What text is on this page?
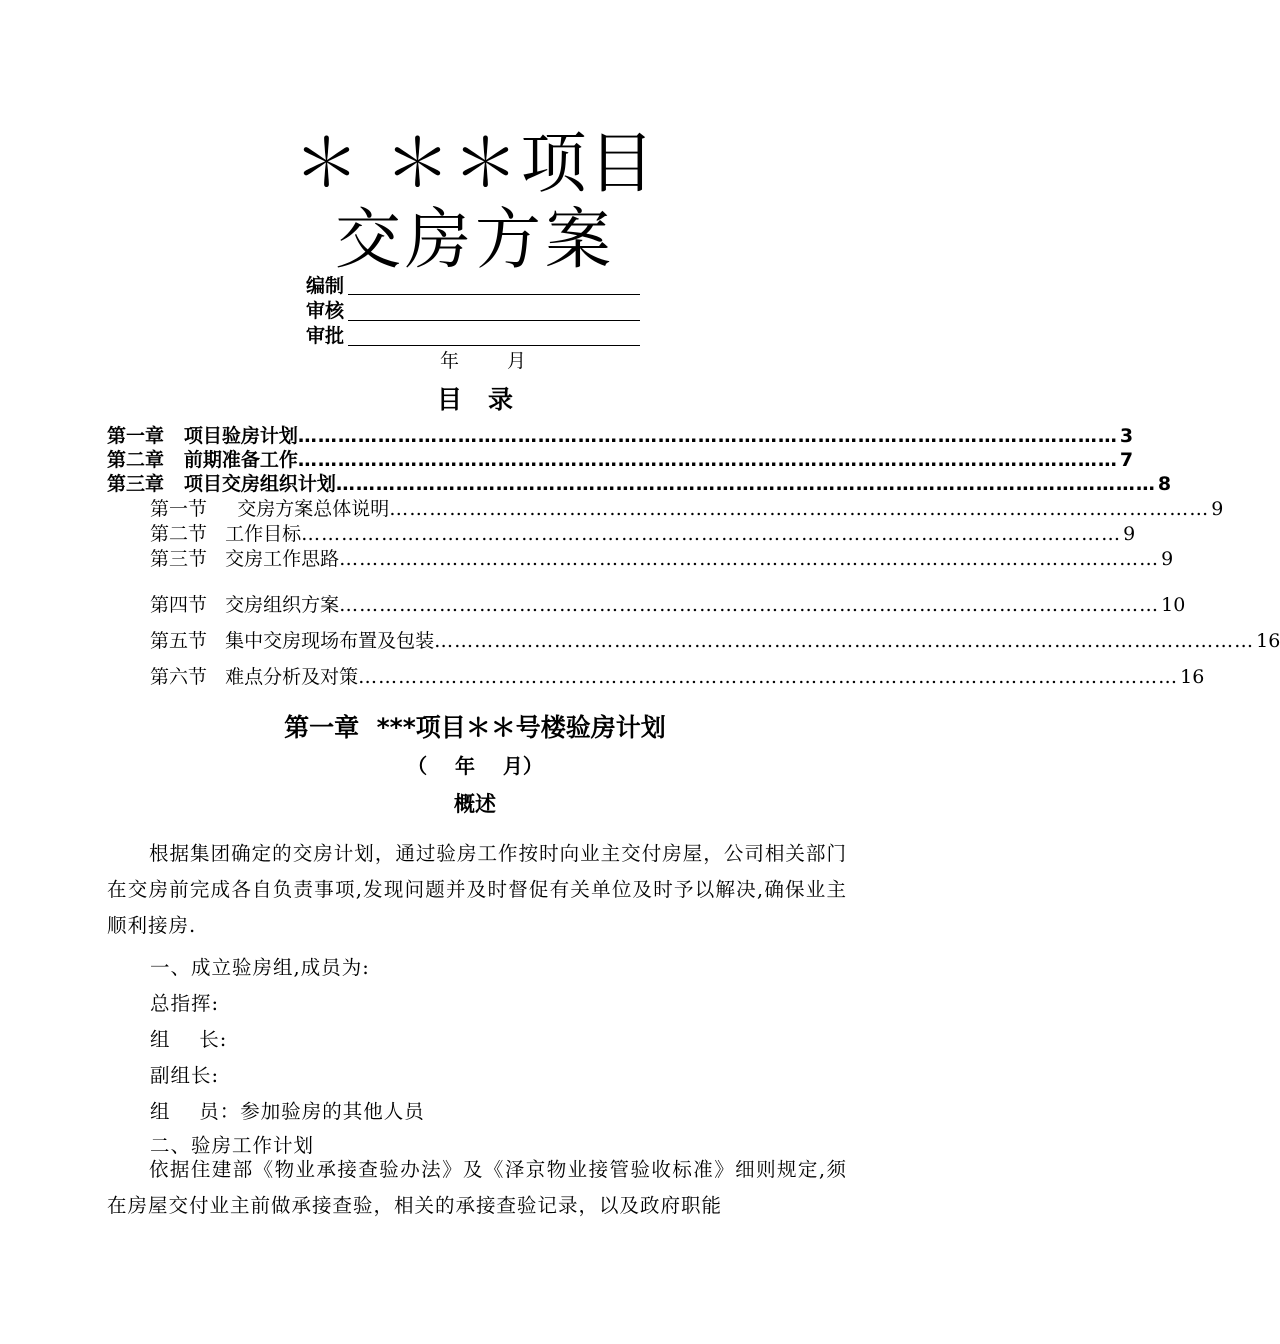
＊ ＊＊项目
交房方案
编制
审核
审批
年 月
目   录
第一章   项目验房计划 …………………………………………………………………………………………………………… 3
第二章   前期准备工作 …………………………………………………………………………………………………………… 7
第三章   项目交房组织计划 …………………………………………………………………………………………………………… 8
第一节     交房方案总体说明 …………………………………………………………………………………………………………… 9
第二节   工作目标 …………………………………………………………………………………………………………… 9
第三节   交房工作思路 …………………………………………………………………………………………………………… 9
第四节   交房组织方案 …………………………………………………………………………………………………………… 10
第五节   集中交房现场布置及包装 …………………………………………………………………………………………………………… 16
第六节   难点分析及对策 …………………………………………………………………………………………………………… 16
第一章  ***项目＊＊号楼验房计划
（    年    月）
概述
根据集团确定的交房计划，通过验房工作按时向业主交付房屋，公司相关部门在交房前完成各自负责事项,发现问题并及时督促有关单位及时予以解决,确保业主顺利接房.
一、成立验房组,成员为:
总指挥:
组    长:
副组长:
组    员：参加验房的其他人员
二、验房工作计划
依据住建部《物业承接查验办法》及《泽京物业接管验收标准》细则规定,须在房屋交付业主前做承接查验，相关的承接查验记录，以及政府职能
